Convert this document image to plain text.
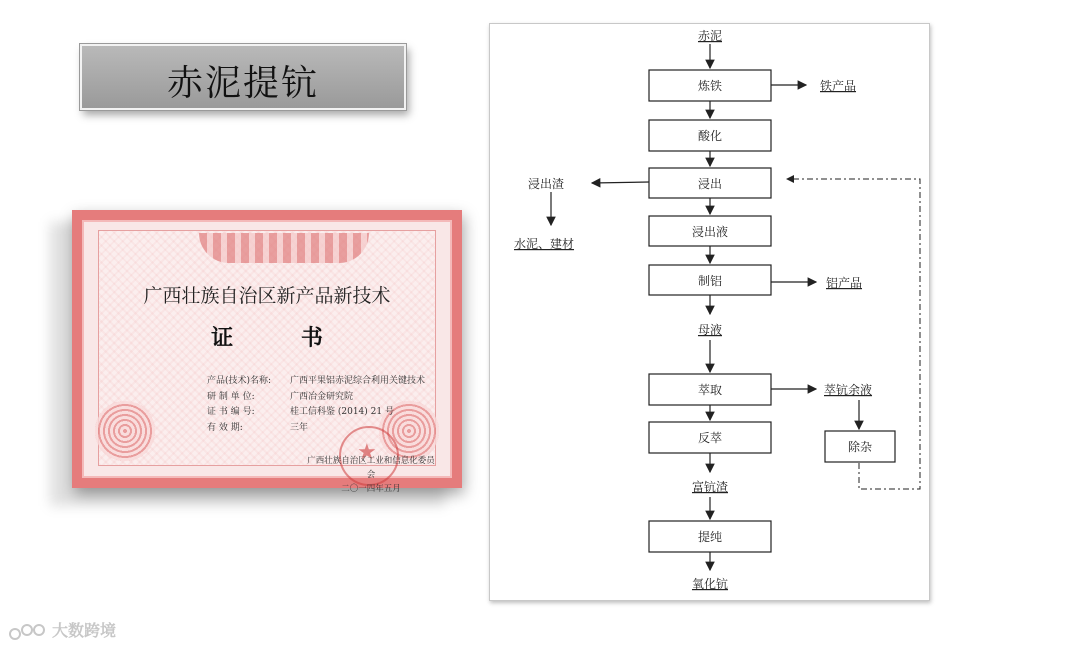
赤泥提钪
广西壮族自治区新产品新技术
证 书
产品(技术)名称: 广西平果铝赤泥综合利用关键技术
研 制 单 位:	广西冶金研究院
证 书 编 号:	桂工信科鉴 (2014) 21 号
有 效 期:	三年
★
广西壮族自治区工业和信息化委员会
二〇一四年五月
赤泥
炼铁
酸化
浸出
浸出液
制铝
母液
萃取
反萃
富钪渣
提纯
氧化钪
铁产品
浸出渣
水泥、建材
铝产品
萃钪余液
除杂
大数跨境
